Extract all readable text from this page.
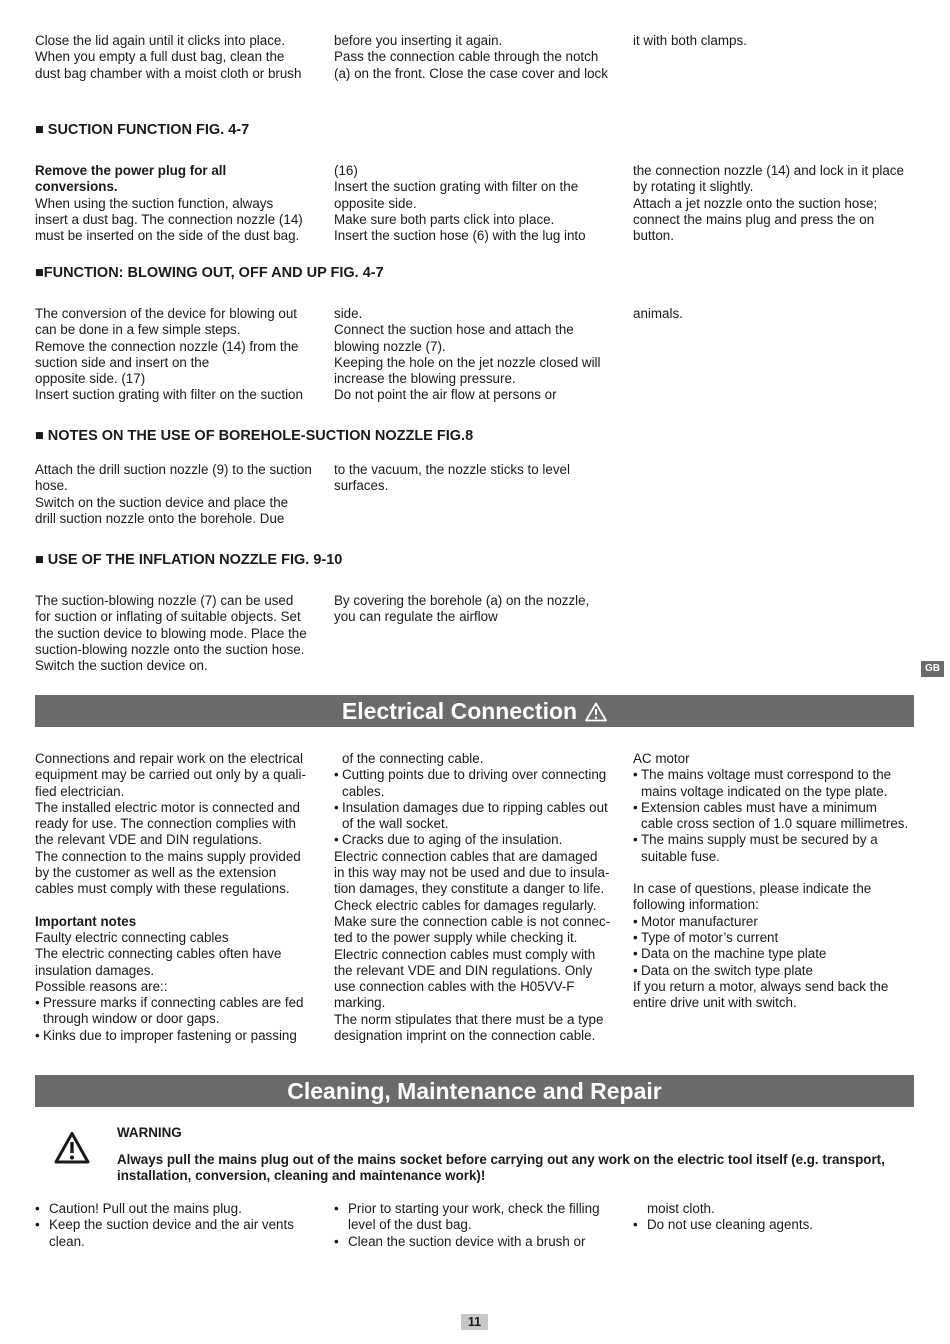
Close the lid again until it clicks into place.

When you empty a full dust bag, clean the

dust bag chamber with a moist cloth or brush

before you inserting it again.

Pass the connection cable through the notch

(a) on the front. Close the case cover and lock

it with both clamps.

■ SUCTION FUNCTION FIG. 4-7

Remove the power plug for all

conversions.

When using the suction function, always

insert a dust bag. The connection nozzle (14)

must be inserted on the side of the dust bag.

(16)

Insert the suction grating with filter on the

opposite side.

Make sure both parts click into place.

Insert the suction hose (6) with the lug into

the connection nozzle (14) and lock in it place

by rotating it slightly.

Attach a jet nozzle onto the suction hose;

connect the mains plug and press the on

button.

■FUNCTION: BLOWING OUT, OFF AND UP FIG. 4-7

The conversion of the device for blowing out

can be done in a few simple steps.

Remove the connection nozzle (14) from the

suction side and insert on the

opposite side. (17)

Insert suction grating with filter on the suction

side.

Connect the suction hose and attach the

blowing nozzle (7).

Keeping the hole on the jet nozzle closed will

increase the blowing pressure.

Do not point the air flow at persons or

animals.

■ NOTES ON THE USE OF BOREHOLE-SUCTION NOZZLE FIG.8

Attach the drill suction nozzle (9) to the suction

hose.

Switch on the suction device and place the

drill suction nozzle onto the borehole. Due

to the vacuum, the nozzle sticks to level

surfaces.

■ USE OF THE INFLATION NOZZLE FIG. 9-10

The suction-blowing nozzle (7) can be used

for suction or inflating of suitable objects. Set

the suction device to blowing mode. Place the

suction-blowing nozzle onto the suction hose.

Switch the suction device on.

By covering the borehole (a) on the nozzle,

you can regulate the airflow

GB
Electrical Connection

Connections and repair work on the electrical

equipment may be carried out only by a quali-

fied electrician.

The installed electric motor is connected and

ready for use. The connection complies with

the relevant VDE and DIN regulations.

The connection to the mains supply provided

by the customer as well as the extension

cables must comply with these regulations.

Important notes

Faulty electric connecting cables

The electric connecting cables often have

insulation damages.

Possible reasons are::

• Pressure marks if connecting cables are fed
through window or door gaps.
• Kinks due to improper fastening or passing

of the connecting cable.

• Cutting points due to driving over connecting
cables.
• Insulation damages due to ripping cables out
of the wall socket.
• Cracks due to aging of the insulation.

Electric connection cables that are damaged

in this way may not be used and due to insula-

tion damages, they constitute a danger to life.

Check electric cables for damages regularly.

Make sure the connection cable is not connec-

ted to the power supply while checking it.

Electric connection cables must comply with

the relevant VDE and DIN regulations. Only

use connection cables with the H05VV-F

marking.

The norm stipulates that there must be a type

designation imprint on the connection cable.

AC motor

• The mains voltage must correspond to the
mains voltage indicated on the type plate.
• Extension cables must have a minimum
cable cross section of 1.0 square millimetres.
• The mains supply must be secured by a
suitable fuse.

In case of questions, please indicate the

following information:

• Motor manufacturer
• Type of motor’s current
• Data on the machine type plate
• Data on the switch type plate

If you return a motor, always send back the

entire drive unit with switch.

Cleaning, Maintenance and Repair

WARNING

Always pull the mains plug out of the mains socket before carrying out any work on the electric tool itself (e.g. transport, installation, conversion, cleaning and maintenance work)!

• Caution! Pull out the mains plug.
• Keep the suction device and the air vents
clean.
• Prior to starting your work, check the filling
level of the dust bag.
• Clean the suction device with a brush or

moist cloth.

• Do not use cleaning agents.
11
